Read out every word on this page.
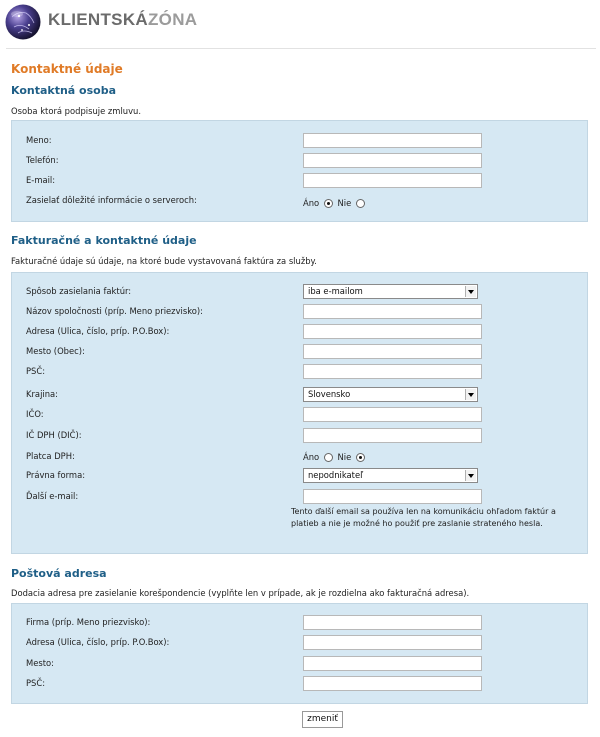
KLIENTSKÁZÓNA
Kontaktné údaje
Kontaktná osoba
Osoba ktorá podpisuje zmluvu.
Meno:
Telefón:
E-mail:
Zasielať dôležité informácie o serveroch:	Áno Nie
Fakturačné a kontaktné údaje
Fakturačné údaje sú údaje, na ktoré bude vystavovaná faktúra za služby.
Spôsob zasielania faktúr:	iba e-mailom
Názov spoločnosti (príp. Meno priezvisko):
Adresa (Ulica, číslo, príp. P.O.Box):
Mesto (Obec):
PSČ:
Krajina:	Slovensko
IČO:
IČ DPH (DIČ):
Platca DPH:	Áno Nie
Právna forma:	nepodnikateľ
Ďalší e-mail:
Tento ďalší email sa používa len na komunikáciu ohľadom faktúr a platieb a nie je možné ho použiť pre zaslanie strateného hesla.
Poštová adresa
Dodacia adresa pre zasielanie korešpondencie (vyplňte len v prípade, ak je rozdielna ako fakturačná adresa).
Firma (príp. Meno priezvisko):
Adresa (Ulica, číslo, príp. P.O.Box):
Mesto:
PSČ:
zmeniť
